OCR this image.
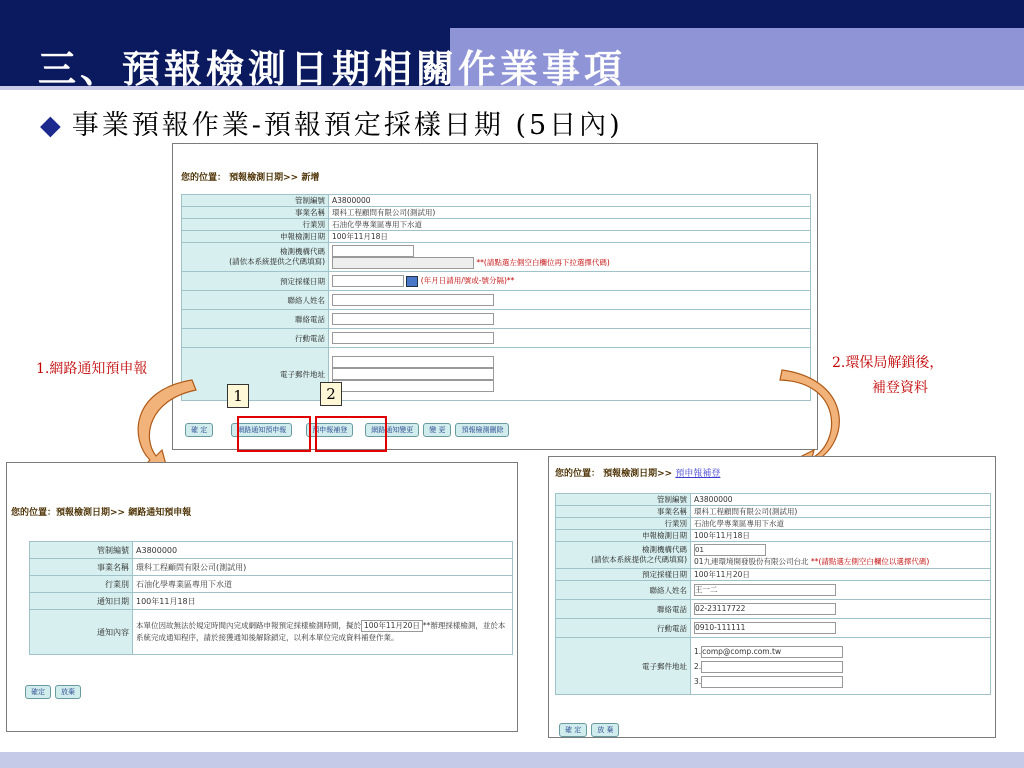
三、預報檢測日期相關作業事項
◆ 事業預報作業-預報預定採樣日期 (5日內)
您的位置： 預報檢測日期>> 新增
管制編號	A3800000
事業名稱	環科工程顧問有限公司(測試用)
行業別	石油化學專業區專用下水道
申報檢測日期	100年11月18日
檢測機構代碼
(請依本系統提供之代碼填寫)	**(請點選左側空白欄位再下拉選擇代碼)
預定採樣日期	(年月日請用/號或-號分隔)**
聯絡人姓名	
聯絡電話	
行動電話	
電子郵件地址	

確 定	網路通知預申報	預申報補登	網路通知變更	變 更	預報檢測刪除
1	2
1.網路通知預申報	2.環保局解鎖後，
補登資料
您的位置：預報檢測日期>> 網路通知預申報
管制編號	A3800000
事業名稱	環科工程顧問有限公司(測試用)
行業別	石油化學專業區專用下水道
通知日期	100年11月18日
通知內容	本單位因故無法於規定時間內完成網路申報預定採樣檢測時間，擬於 100年11月20日 **辦理採樣檢測，並於本系統完成通知程序，請於接獲通知後解除鎖定，以利本單位完成資料補登作業。
確定	放棄
您的位置： 預報檢測日期>> 預申報補登
管制編號	A3800000
事業名稱	環科工程顧問有限公司(測試用)
行業別	石油化學專業區專用下水道
申報檢測日期	100年11月18日
檢測機構代碼
(請依本系統提供之代碼填寫)	01
01九連環境開發股份有限公司台北 **(請點選左側空白欄位以選擇代碼)
預定採樣日期	100年11月20日
聯絡人姓名	王一二
聯絡電話	02-23117722
行動電話	0910-111111
電子郵件地址	1.comp@comp.com.tw
2.
3.
確 定	放 棄
